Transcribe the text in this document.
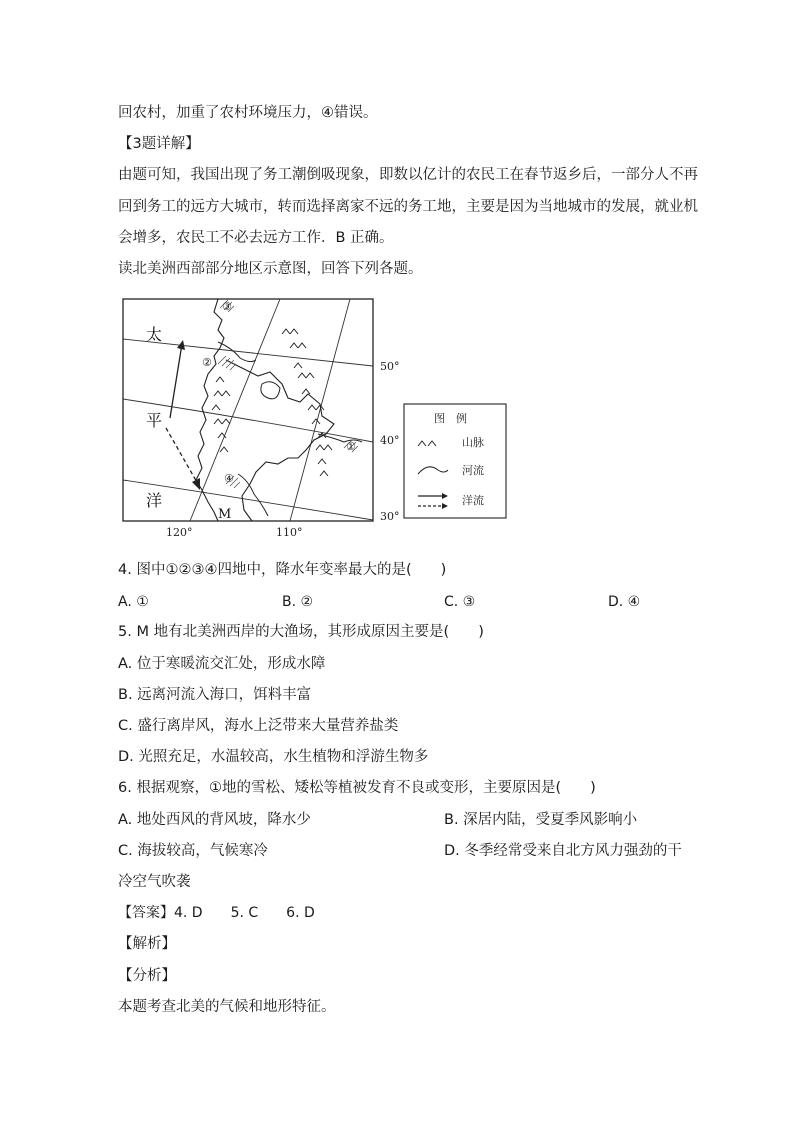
回农村，加重了农村环境压力，④错误。
【3题详解】
由题可知，我国出现了务工潮倒吸现象，即数以亿计的农民工在春节返乡后，一部分人不再
回到务工的远方大城市，转而选择离家不远的务工地，主要是因为当地城市的发展，就业机
会增多，农民工不必去远方工作．B 正确。
读北美洲西部部分地区示意图，回答下列各题。
③
②
①
④
太
平
洋
M
50°
40°
30°
120°	110°
图　例
山脉
河流
洋流
4. 图中①②③④四地中，降水年变率最大的是(　　)
A. ①	B. ②	C. ③	D. ④
5. M 地有北美洲西岸的大渔场，其形成原因主要是(　　)
A. 位于寒暖流交汇处，形成水障
B. 远离河流入海口，饵料丰富
C. 盛行离岸风，海水上泛带来大量营养盐类
D. 光照充足，水温较高，水生植物和浮游生物多
6. 根据观察，①地的雪松、矮松等植被发育不良或变形，主要原因是(　　)
A. 地处西风的背风坡，降水少	B. 深居内陆，受夏季风影响小
C. 海拔较高，气候寒冷	D. 冬季经常受来自北方风力强劲的干
冷空气吹袭
【答案】4. D　　5. C　　6. D
【解析】
【分析】
本题考查北美的气候和地形特征。
